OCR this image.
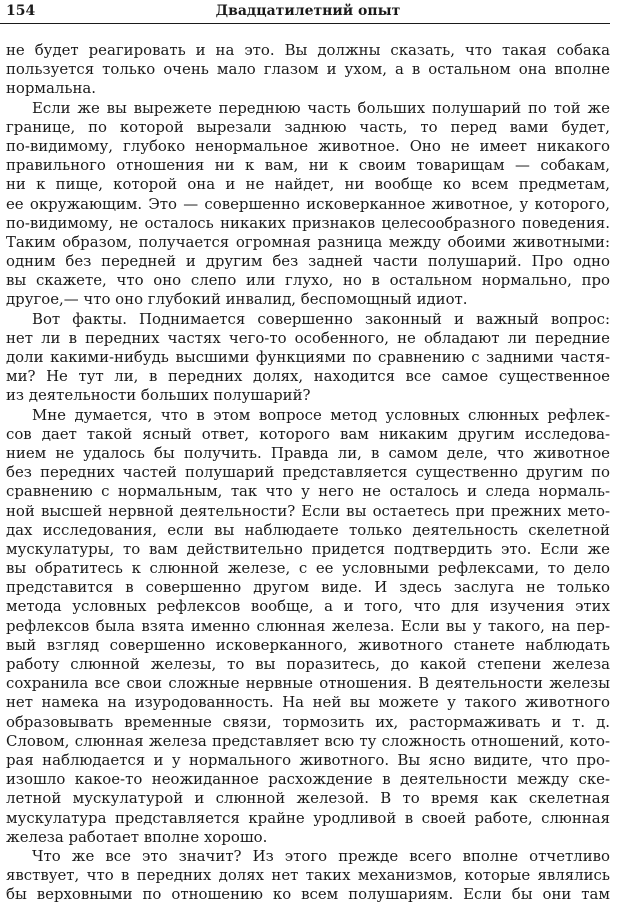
154	Двадцатилетний опыт
не будет реагировать и на это. Вы должны сказать, что такая собака
пользуется только очень мало глазом и ухом, а в остальном она вполне
нормальна.
Если же вы вырежете переднюю часть больших полушарий по той же
границе, по которой вырезали заднюю часть, то перед вами будет,
по-видимому, глубоко ненормальное животное. Оно не имеет никакого
правильного отношения ни к вам, ни к своим товарищам — собакам,
ни к пище, которой она и не найдет, ни вообще ко всем предметам,
ее окружающим. Это — совершенно исковерканное животное, у которого,
по-видимому, не осталось никаких признаков целесообразного поведения.
Таким образом, получается огромная разница между обоими животными:
одним без передней и другим без задней части полушарий. Про одно
вы скажете, что оно слепо или глухо, но в остальном нормально, про
другое,— что оно глубокий инвалид, беспомощный идиот.
Вот факты. Поднимается совершенно законный и важный вопрос:
нет ли в передних частях чего-то особенного, не обладают ли передние
доли какими-нибудь высшими функциями по сравнению с задними частя-
ми? Не тут ли, в передних долях, находится все самое существенное
из деятельности больших полушарий?
Мне думается, что в этом вопросе метод условных слюнных рефлек-
сов дает такой ясный ответ, которого вам никаким другим исследова-
нием не удалось бы получить. Правда ли, в самом деле, что животное
без передних частей полушарий представляется существенно другим по
сравнению с нормальным, так что у него не осталось и следа нормаль-
ной высшей нервной деятельности? Если вы остаетесь при прежних мето-
дах исследования, если вы наблюдаете только деятельность скелетной
мускулатуры, то вам действительно придется подтвердить это. Если же
вы обратитесь к слюнной железе, с ее условными рефлексами, то дело
представится в совершенно другом виде. И здесь заслуга не только
метода условных рефлексов вообще, а и того, что для изучения этих
рефлексов была взята именно слюнная железа. Если вы у такого, на пер-
вый взгляд совершенно исковерканного, животного станете наблюдать
работу слюнной железы, то вы поразитесь, до какой степени железа
сохранила все свои сложные нервные отношения. В деятельности железы
нет намека на изуродованность. На ней вы можете у такого животного
образовывать временные связи, тормозить их, растормаживать и т. д.
Словом, слюнная железа представляет всю ту сложность отношений, кото-
рая наблюдается и у нормального животного. Вы ясно видите, что про-
изошло какое-то неожиданное расхождение в деятельности между ске-
летной мускулатурой и слюнной железой. В то время как скелетная
мускулатура представляется крайне уродливой в своей работе, слюнная
железа работает вполне хорошо.
Что же все это значит? Из этого прежде всего вполне отчетливо
явствует, что в передних долях нет таких механизмов, которые являлись
бы верховными по отношению ко всем полушариям. Если бы они там
